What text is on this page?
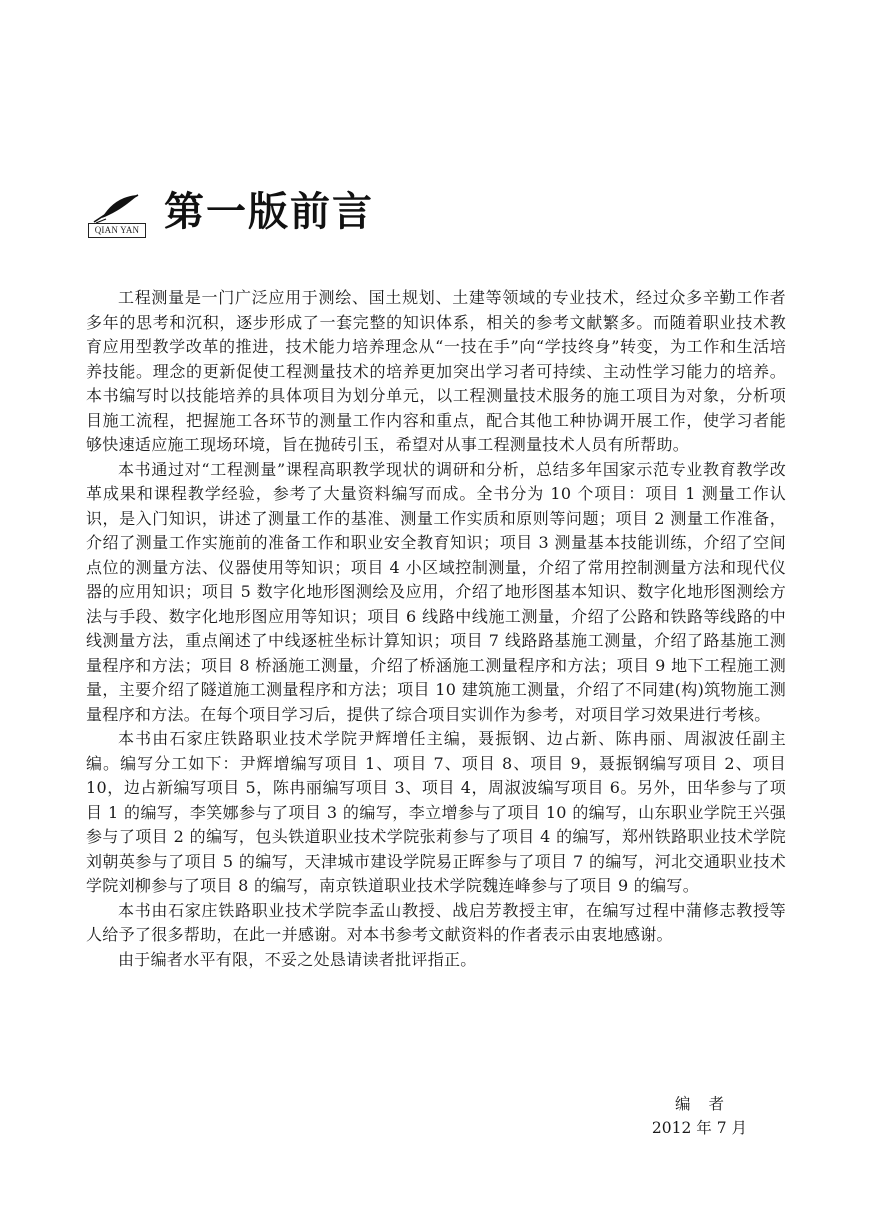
QIAN YAN 第一版前言

工程测量是一门广泛应用于测绘、国土规划、土建等领域的专业技术，经过众多辛勤工作者多年的思考和沉积，逐步形成了一套完整的知识体系，相关的参考文献繁多。而随着职业技术教育应用型教学改革的推进，技术能力培养理念从“一技在手”向“学技终身”转变，为工作和生活培养技能。理念的更新促使工程测量技术的培养更加突出学习者可持续、主动性学习能力的培养。本书编写时以技能培养的具体项目为划分单元，以工程测量技术服务的施工项目为对象，分析项目施工流程，把握施工各环节的测量工作内容和重点，配合其他工种协调开展工作，使学习者能够快速适应施工现场环境，旨在抛砖引玉，希望对从事工程测量技术人员有所帮助。

本书通过对“工程测量”课程高职教学现状的调研和分析，总结多年国家示范专业教育教学改革成果和课程教学经验，参考了大量资料编写而成。全书分为 10 个项目：项目 1 测量工作认识，是入门知识，讲述了测量工作的基准、测量工作实质和原则等问题；项目 2 测量工作准备，介绍了测量工作实施前的准备工作和职业安全教育知识；项目 3 测量基本技能训练，介绍了空间点位的测量方法、仪器使用等知识；项目 4 小区域控制测量，介绍了常用控制测量方法和现代仪器的应用知识；项目 5 数字化地形图测绘及应用，介绍了地形图基本知识、数字化地形图测绘方法与手段、数字化地形图应用等知识；项目 6 线路中线施工测量，介绍了公路和铁路等线路的中线测量方法，重点阐述了中线逐桩坐标计算知识；项目 7 线路路基施工测量，介绍了路基施工测量程序和方法；项目 8 桥涵施工测量，介绍了桥涵施工测量程序和方法；项目 9 地下工程施工测量，主要介绍了隧道施工测量程序和方法；项目 10 建筑施工测量，介绍了不同建(构)筑物施工测量程序和方法。在每个项目学习后，提供了综合项目实训作为参考，对项目学习效果进行考核。

本书由石家庄铁路职业技术学院尹辉增任主编，聂振钢、边占新、陈冉丽、周淑波任副主编。编写分工如下：尹辉增编写项目 1、项目 7、项目 8、项目 9，聂振钢编写项目 2、项目 10，边占新编写项目 5，陈冉丽编写项目 3、项目 4，周淑波编写项目 6。另外，田华参与了项目 1 的编写，李笑娜参与了项目 3 的编写，李立增参与了项目 10 的编写，山东职业学院王兴强参与了项目 2 的编写，包头铁道职业技术学院张莉参与了项目 4 的编写，郑州铁路职业技术学院刘朝英参与了项目 5 的编写，天津城市建设学院易正晖参与了项目 7 的编写，河北交通职业技术学院刘柳参与了项目 8 的编写，南京铁道职业技术学院魏连峰参与了项目 9 的编写。

本书由石家庄铁路职业技术学院李孟山教授、战启芳教授主审，在编写过程中蒲修志教授等人给予了很多帮助，在此一并感谢。对本书参考文献资料的作者表示由衷地感谢。

由于编者水平有限，不妥之处恳请读者批评指正。

编者
2012 年 7 月
